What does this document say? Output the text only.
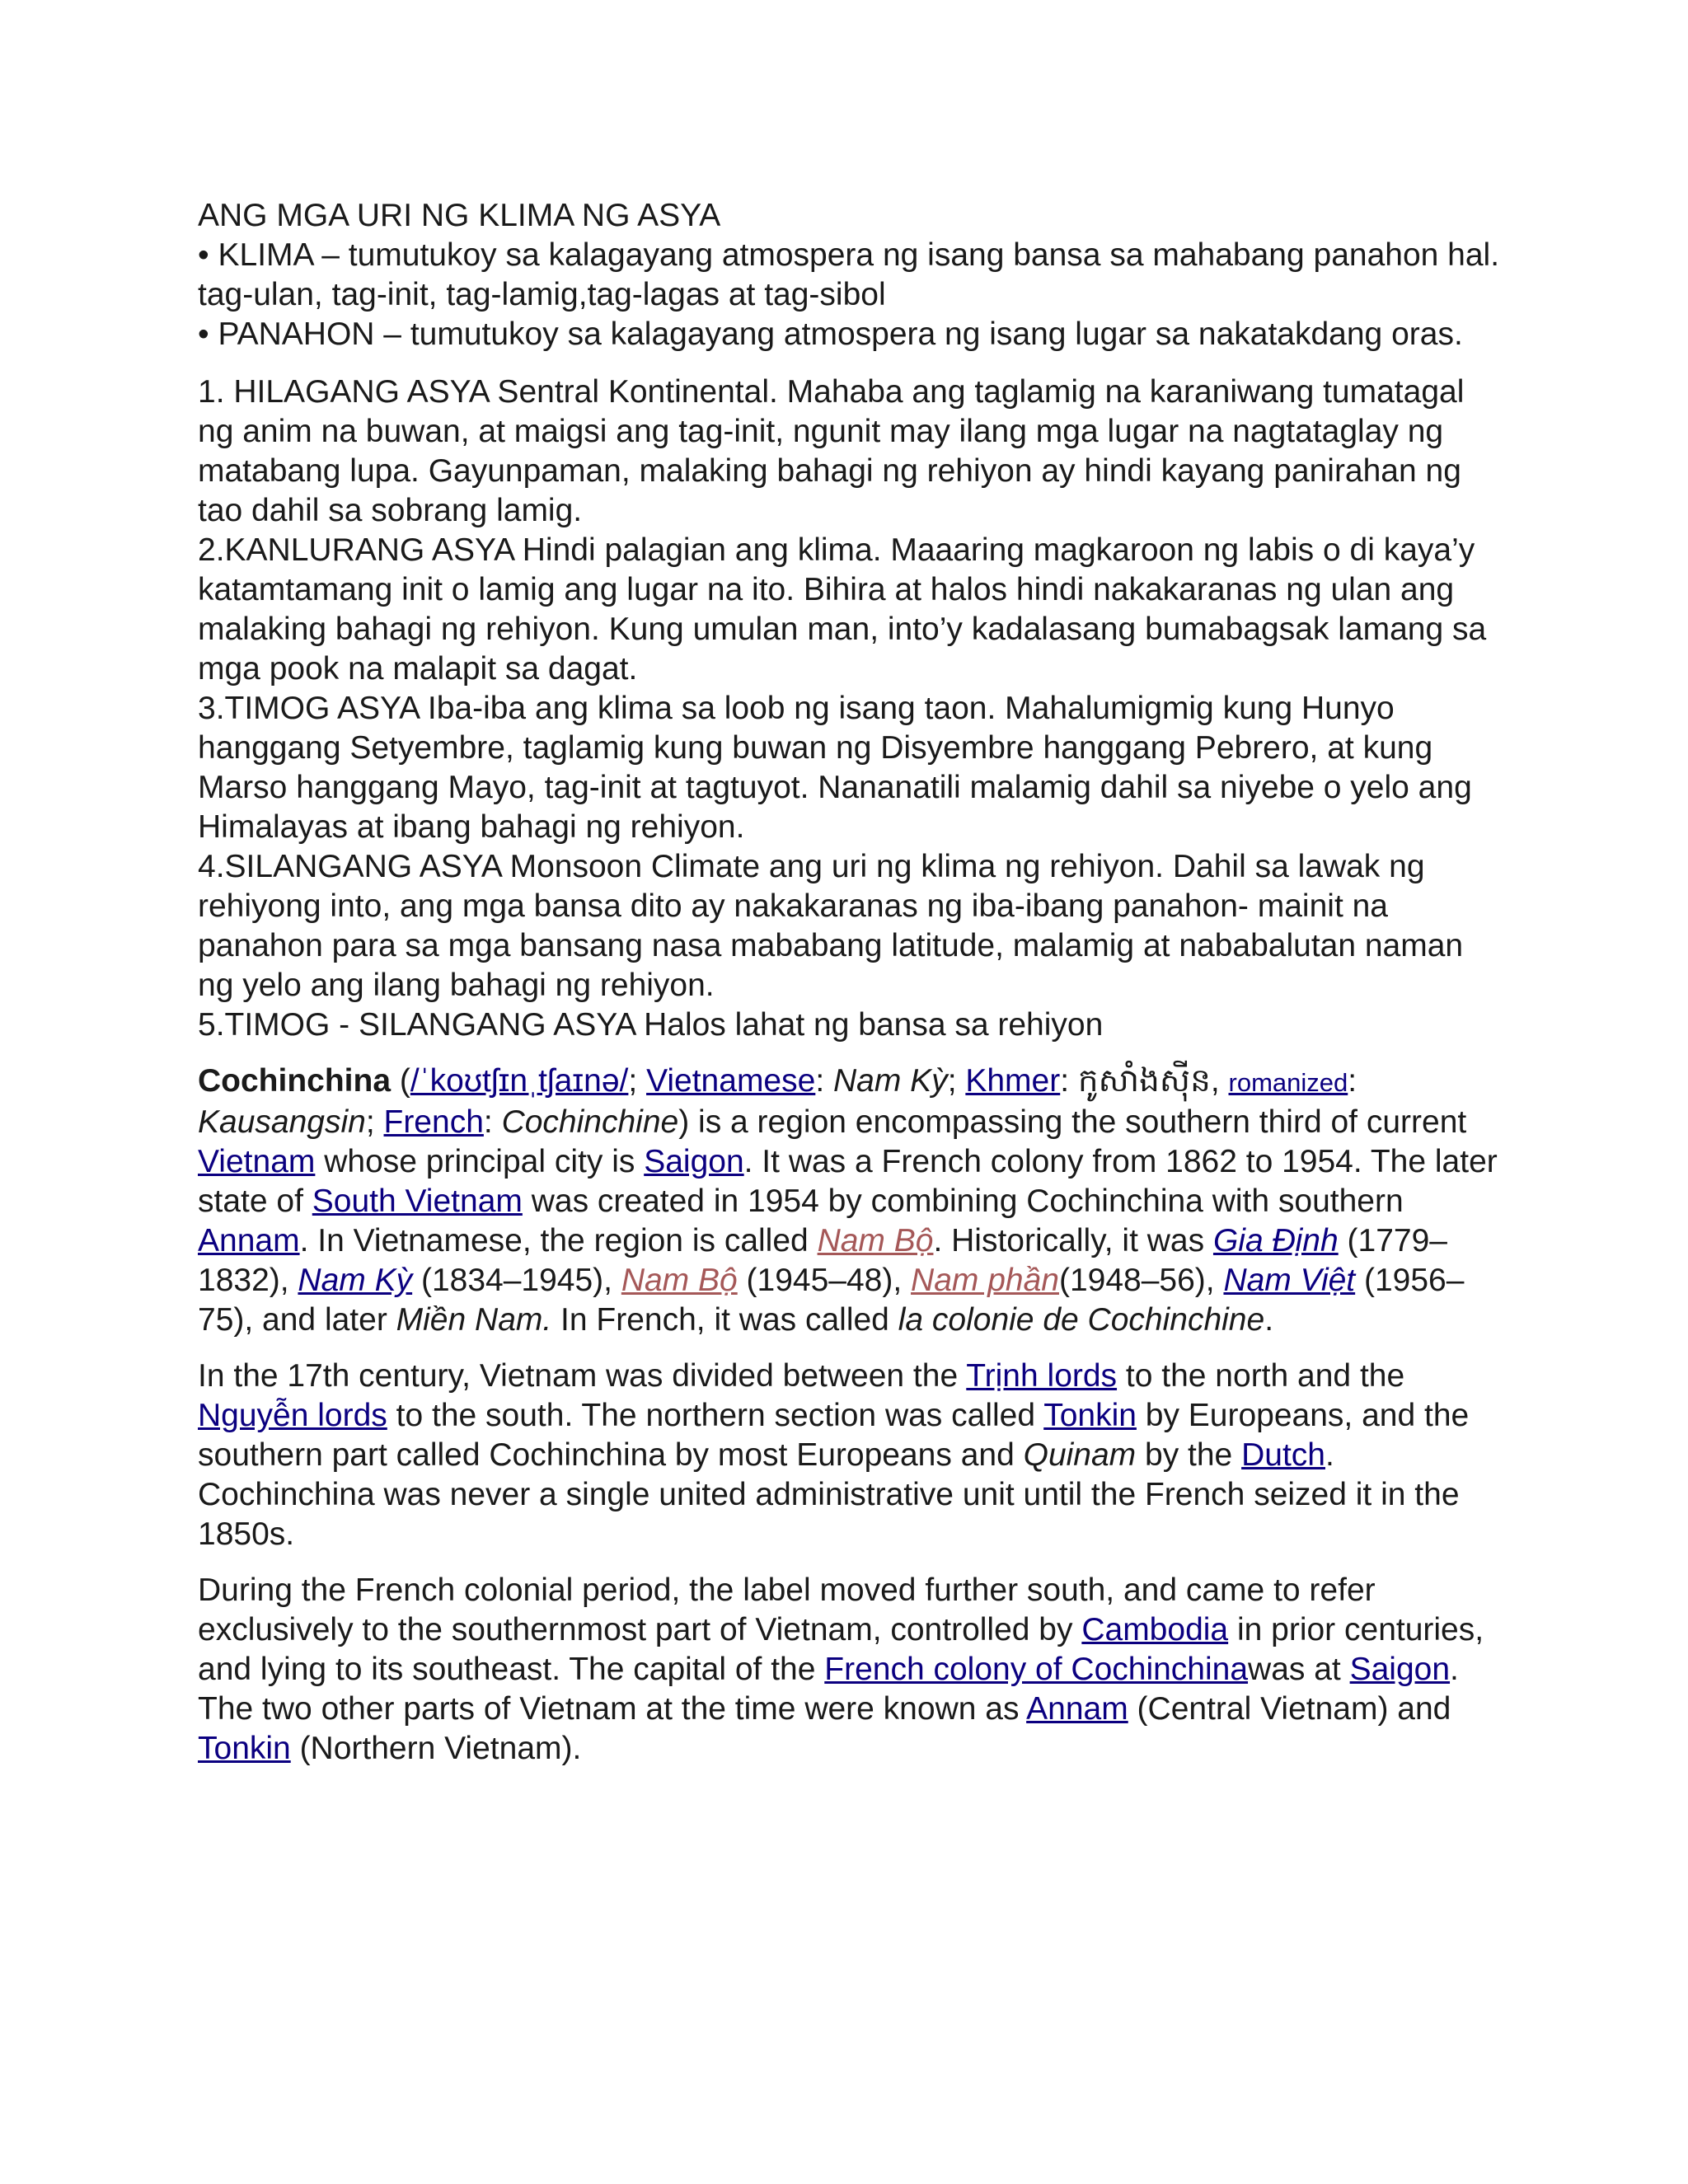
ANG MGA URI NG KLIMA NG ASYA

• KLIMA – tumutukoy sa kalagayang atmospera ng isang bansa sa mahabang panahon hal. tag-ulan, tag-init, tag-lamig,tag-lagas at tag-sibol

• PANAHON – tumutukoy sa kalagayang atmospera ng isang lugar sa nakatakdang oras.

1. HILAGANG ASYA Sentral Kontinental. Mahaba ang taglamig na karaniwang tumatagal ng anim na buwan, at maigsi ang tag-init, ngunit may ilang mga lugar na nagtataglay ng matabang lupa. Gayunpaman, malaking bahagi ng rehiyon ay hindi kayang panirahan ng tao dahil sa sobrang lamig.

2.KANLURANG ASYA Hindi palagian ang klima. Maaaring magkaroon ng labis o di kaya’y katamtamang init o lamig ang lugar na ito. Bihira at halos hindi nakakaranas ng ulan ang malaking bahagi ng rehiyon. Kung umulan man, into’y kadalasang bumabagsak lamang sa mga pook na malapit sa dagat.

3.TIMOG ASYA Iba-iba ang klima sa loob ng isang taon. Mahalumigmig kung Hunyo hanggang Setyembre, taglamig kung buwan ng Disyembre hanggang Pebrero, at kung Marso hanggang Mayo, tag-init at tagtuyot. Nananatili malamig dahil sa niyebe o yelo ang Himalayas at ibang bahagi ng rehiyon.

4.SILANGANG ASYA Monsoon Climate ang uri ng klima ng rehiyon. Dahil sa lawak ng rehiyong into, ang mga bansa dito ay nakakaranas ng iba-ibang panahon- mainit na panahon para sa mga bansang nasa mababang latitude, malamig at nababalutan naman ng yelo ang ilang bahagi ng rehiyon.

5.TIMOG - SILANGANG ASYA Halos lahat ng bansa sa rehiyon

Cochinchina (/ˈkoʊtʃɪnˌtʃaɪnə/; Vietnamese: Nam Kỳ; Khmer: កូសាំងស៊ីន, romanized: Kausangsin; French: Cochinchine) is a region encompassing the southern third of current Vietnam whose principal city is Saigon. It was a French colony from 1862 to 1954. The later state of South Vietnam was created in 1954 by combining Cochinchina with southern Annam. In Vietnamese, the region is called Nam Bộ. Historically, it was Gia Định (1779–1832), Nam Kỳ (1834–1945), Nam Bộ (1945–48), Nam phần(1948–56), Nam Việt (1956–75), and later Miền Nam. In French, it was called la colonie de Cochinchine.

In the 17th century, Vietnam was divided between the Trịnh lords to the north and the Nguyễn lords to the south. The northern section was called Tonkin by Europeans, and the southern part called Cochinchina by most Europeans and Quinam by the Dutch. Cochinchina was never a single united administrative unit until the French seized it in the 1850s.

During the French colonial period, the label moved further south, and came to refer exclusively to the southernmost part of Vietnam, controlled by Cambodia in prior centuries, and lying to its southeast. The capital of the French colony of Cochinchinawas at Saigon. The two other parts of Vietnam at the time were known as Annam (Central Vietnam) and Tonkin (Northern Vietnam).
